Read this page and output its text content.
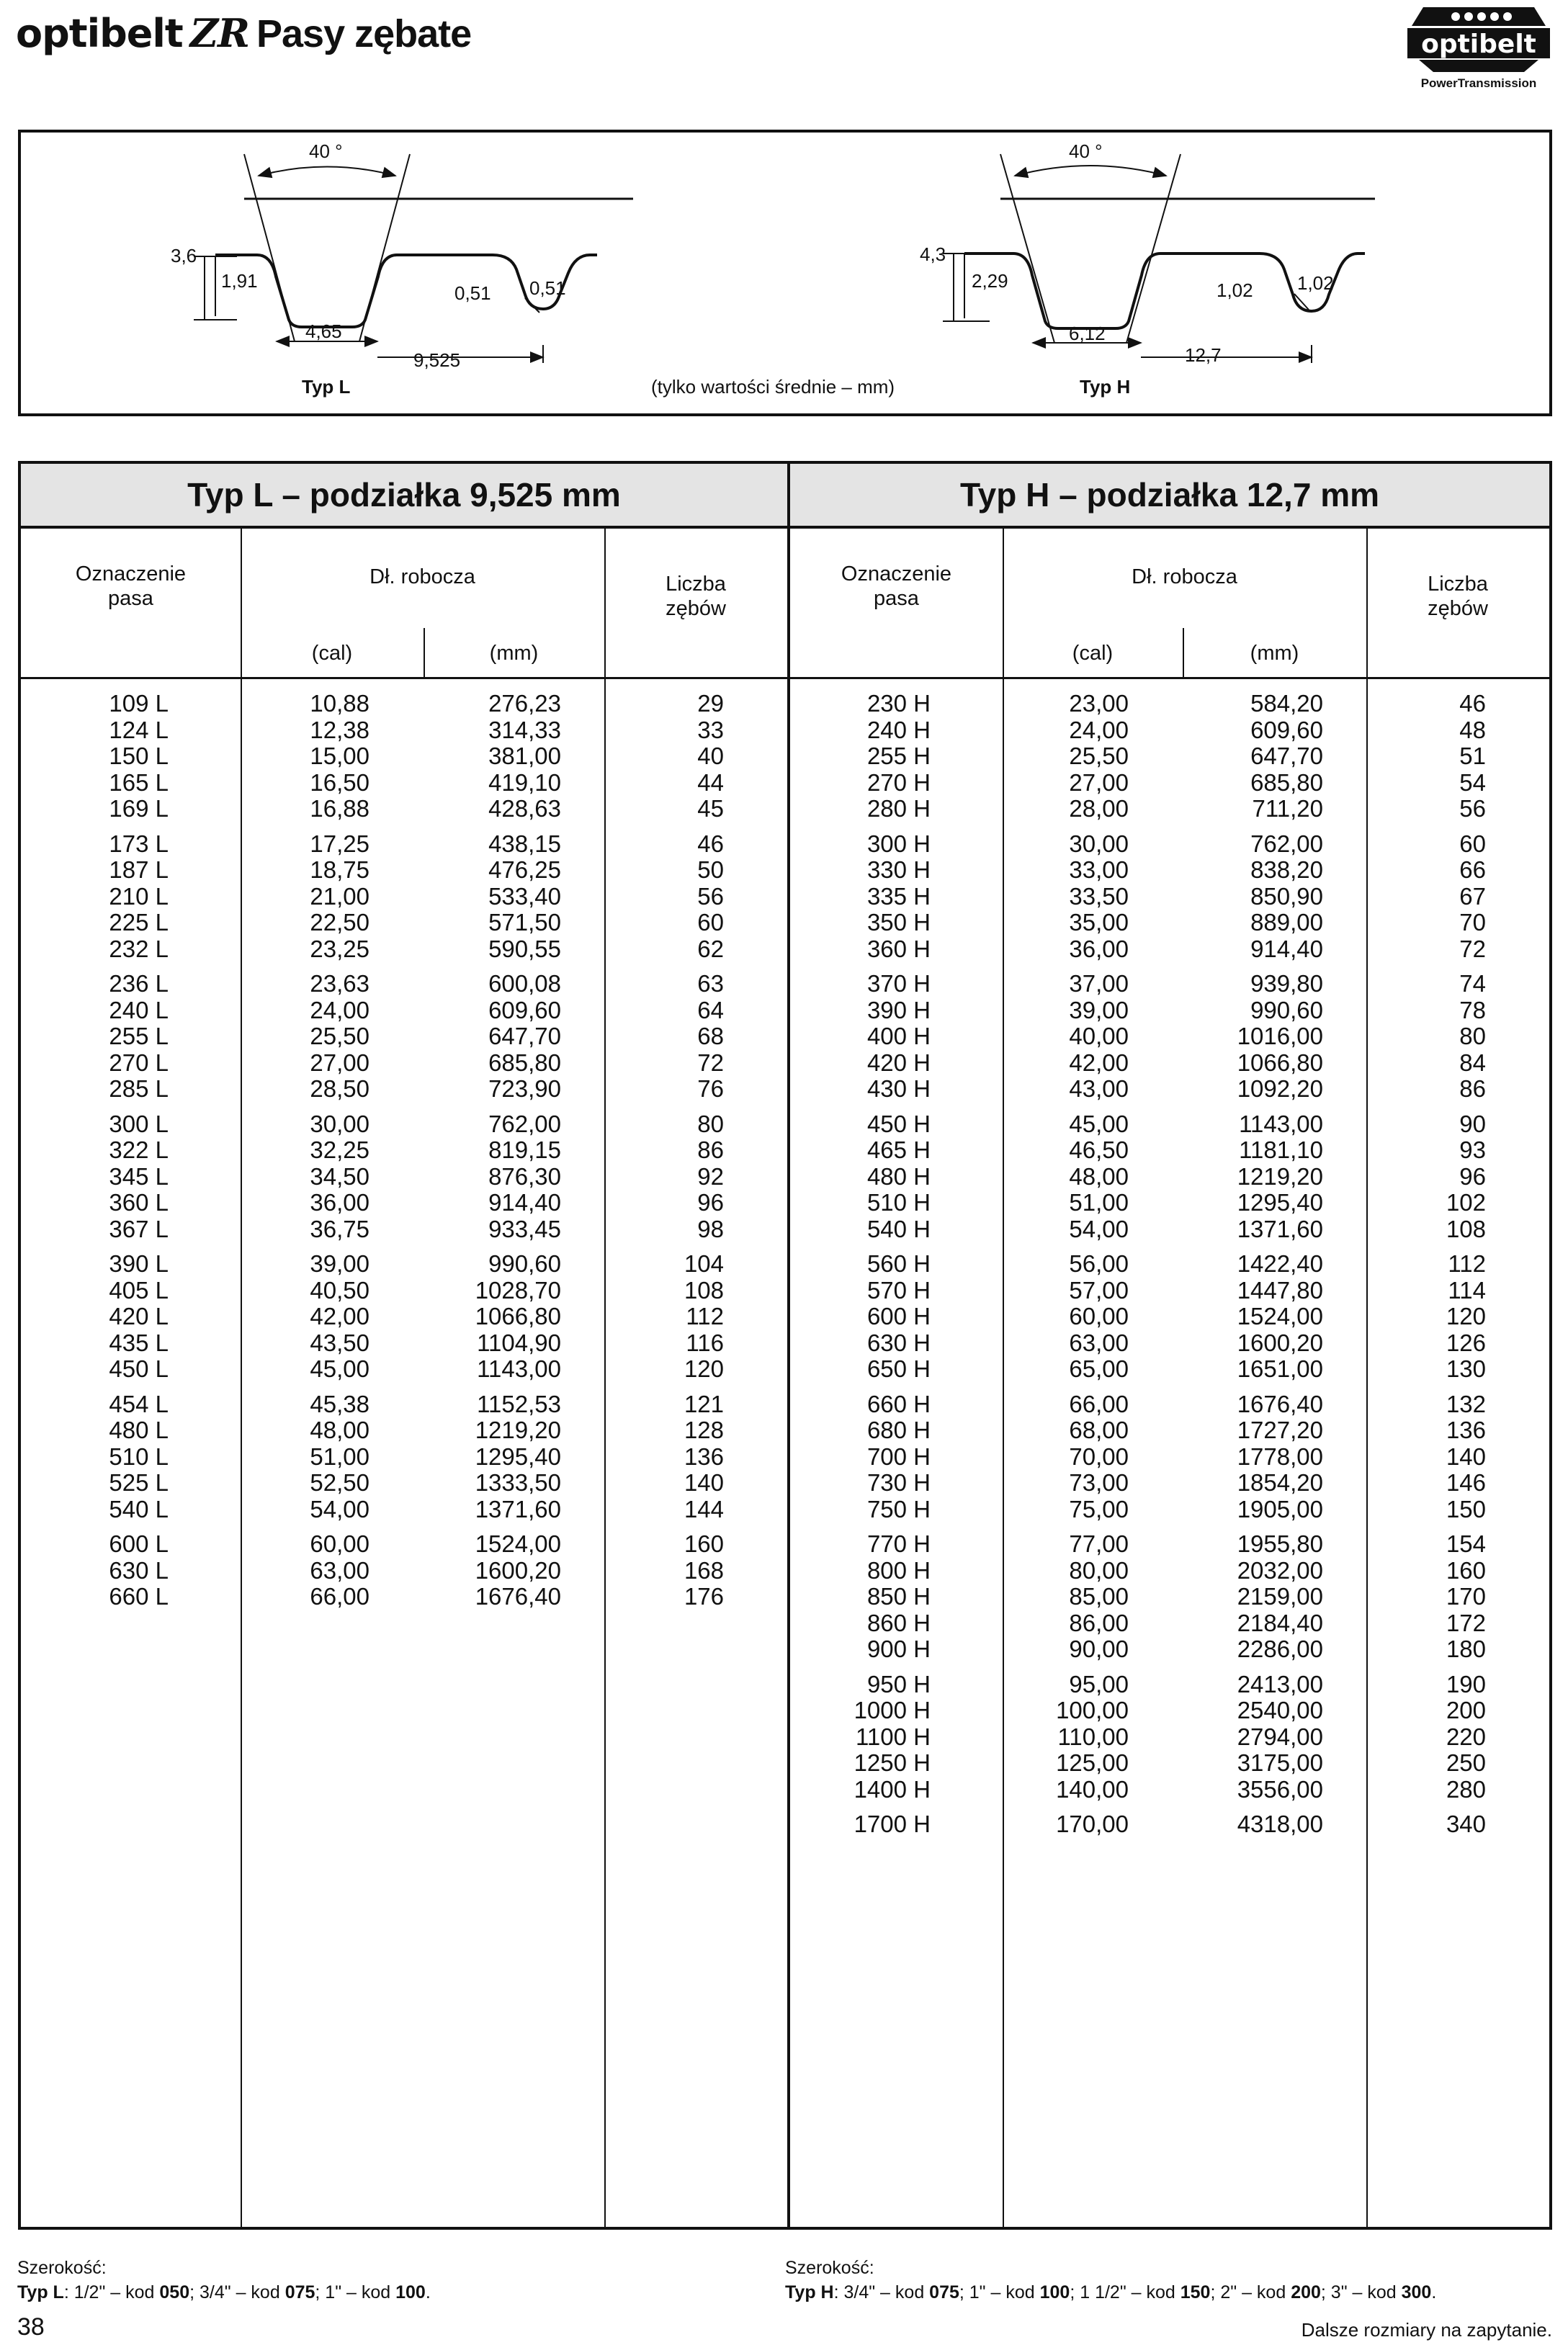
optibelt ZR Pasy zębate	optibelt
PowerTransmission
40 °
3,6
1,91
4,65
9,525
0,51 0,51
Typ L
40 °
4,3
2,29
6,12
12,7
1,02 1,02
Typ H
(tylko wartości średnie – mm)
Typ L – podziałka 9,525 mm
Oznaczenie
pasa
Dł. robocza
(cal)	(mm)
Liczba
zębów
109 L	10,88	276,23	29
124 L	12,38	314,33	33
150 L	15,00	381,00	40
165 L	16,50	419,10	44
169 L	16,88	428,63	45
173 L	17,25	438,15	46
187 L	18,75	476,25	50
210 L	21,00	533,40	56
225 L	22,50	571,50	60
232 L	23,25	590,55	62
236 L	23,63	600,08	63
240 L	24,00	609,60	64
255 L	25,50	647,70	68
270 L	27,00	685,80	72
285 L	28,50	723,90	76
300 L	30,00	762,00	80
322 L	32,25	819,15	86
345 L	34,50	876,30	92
360 L	36,00	914,40	96
367 L	36,75	933,45	98
390 L	39,00	990,60	104
405 L	40,50	1028,70	108
420 L	42,00	1066,80	112
435 L	43,50	1104,90	116
450 L	45,00	1143,00	120
454 L	45,38	1152,53	121
480 L	48,00	1219,20	128
510 L	51,00	1295,40	136
525 L	52,50	1333,50	140
540 L	54,00	1371,60	144
600 L	60,00	1524,00	160
630 L	63,00	1600,20	168
660 L	66,00	1676,40	176
Typ H – podziałka 12,7 mm
Oznaczenie
pasa
Dł. robocza
(cal)	(mm)
Liczba
zębów
230 H	23,00	584,20	46
240 H	24,00	609,60	48
255 H	25,50	647,70	51
270 H	27,00	685,80	54
280 H	28,00	711,20	56
300 H	30,00	762,00	60
330 H	33,00	838,20	66
335 H	33,50	850,90	67
350 H	35,00	889,00	70
360 H	36,00	914,40	72
370 H	37,00	939,80	74
390 H	39,00	990,60	78
400 H	40,00	1016,00	80
420 H	42,00	1066,80	84
430 H	43,00	1092,20	86
450 H	45,00	1143,00	90
465 H	46,50	1181,10	93
480 H	48,00	1219,20	96
510 H	51,00	1295,40	102
540 H	54,00	1371,60	108
560 H	56,00	1422,40	112
570 H	57,00	1447,80	114
600 H	60,00	1524,00	120
630 H	63,00	1600,20	126
650 H	65,00	1651,00	130
660 H	66,00	1676,40	132
680 H	68,00	1727,20	136
700 H	70,00	1778,00	140
730 H	73,00	1854,20	146
750 H	75,00	1905,00	150
770 H	77,00	1955,80	154
800 H	80,00	2032,00	160
850 H	85,00	2159,00	170
860 H	86,00	2184,40	172
900 H	90,00	2286,00	180
950 H	95,00	2413,00	190
1000 H	100,00	2540,00	200
1100 H	110,00	2794,00	220
1250 H	125,00	3175,00	250
1400 H	140,00	3556,00	280
1700 H	170,00	4318,00	340
Szerokość:
Typ L: 1/2" – kod 050; 3/4" – kod 075; 1" – kod 100.
Szerokość:
Typ H: 3/4" – kod 075; 1" – kod 100; 1 1/2" – kod 150; 2" – kod 200; 3" – kod 300.
38	Dalsze rozmiary na zapytanie.
